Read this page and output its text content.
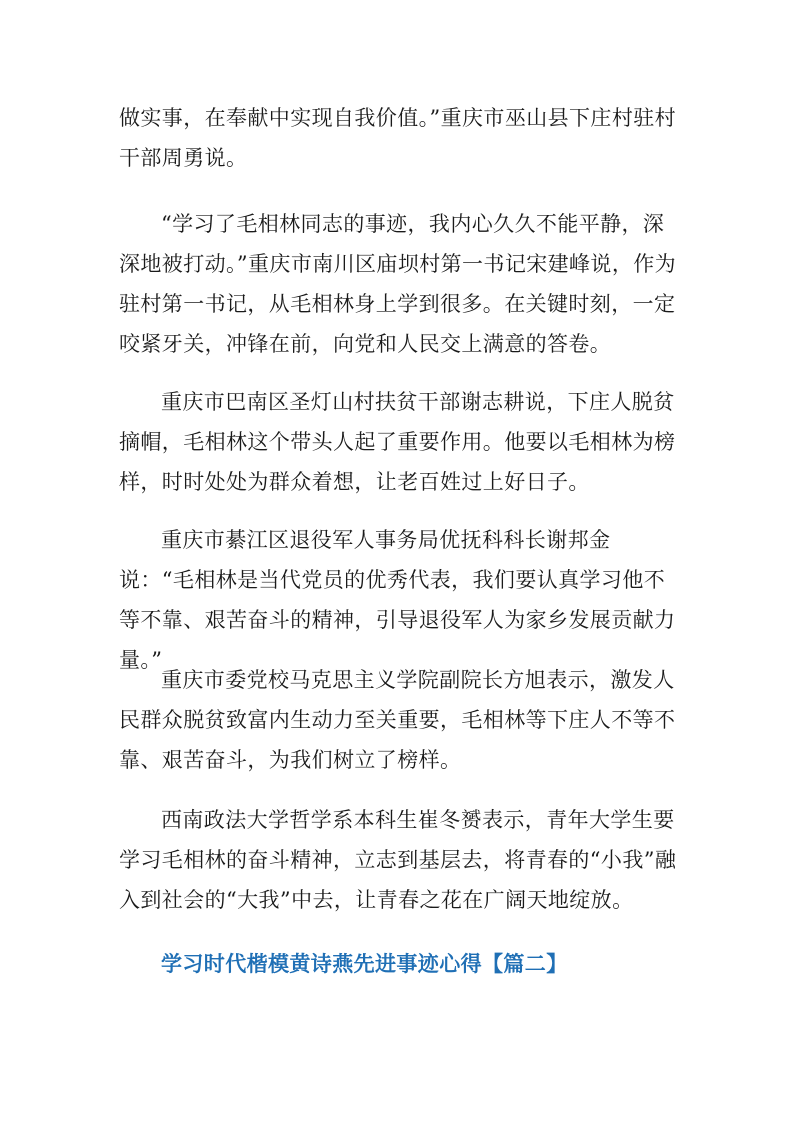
做实事，在奉献中实现自我价值。”重庆市巫山县下庄村驻村干部周勇说。

“学习了毛相林同志的事迹，我内心久久不能平静，深深地被打动。”重庆市南川区庙坝村第一书记宋建峰说，作为驻村第一书记，从毛相林身上学到很多。在关键时刻，一定咬紧牙关，冲锋在前，向党和人民交上满意的答卷。

重庆市巴南区圣灯山村扶贫干部谢志耕说，下庄人脱贫摘帽，毛相林这个带头人起了重要作用。他要以毛相林为榜样，时时处处为群众着想，让老百姓过上好日子。

重庆市綦江区退役军人事务局优抚科科长谢邦金说：“毛相林是当代党员的优秀代表，我们要认真学习他不等不靠、艰苦奋斗的精神，引导退役军人为家乡发展贡献力量。”

重庆市委党校马克思主义学院副院长方旭表示，激发人民群众脱贫致富内生动力至关重要，毛相林等下庄人不等不靠、艰苦奋斗，为我们树立了榜样。

西南政法大学哲学系本科生崔冬赟表示，青年大学生要学习毛相林的奋斗精神，立志到基层去，将青春的“小我”融入到社会的“大我”中去，让青春之花在广阔天地绽放。

学习时代楷模黄诗燕先进事迹心得【篇二】
